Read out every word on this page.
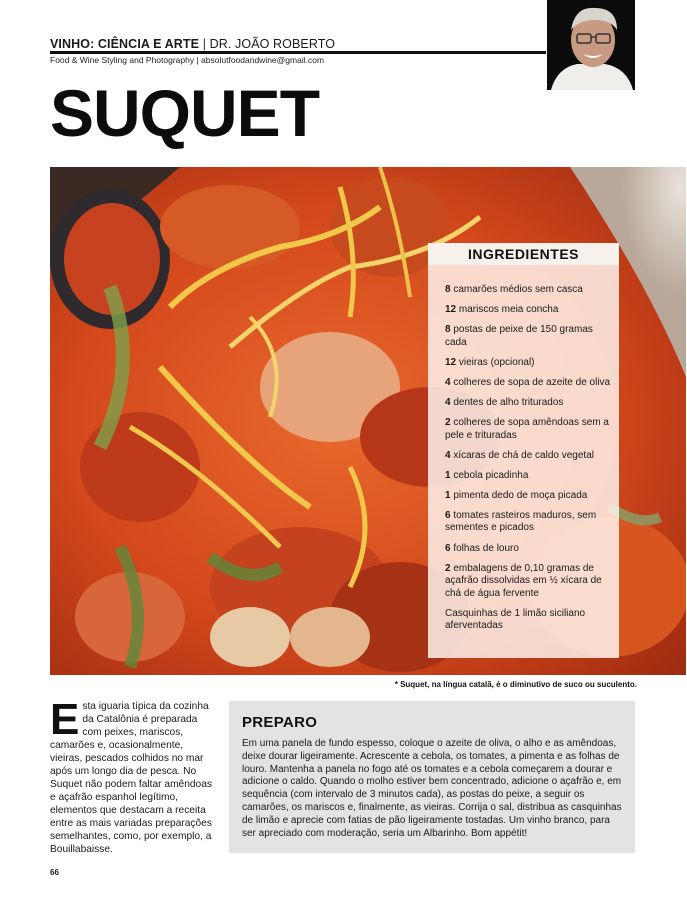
VINHO: CIÊNCIA E ARTE | DR. JOÃO ROBERTO
Food & Wine Styling and Photography | absolutfoodandwine@gmail.com
SUQUET
INGREDIENTES
8 camarões médios sem casca
12 mariscos meia concha
8 postas de peixe de 150 gramas cada
12 vieiras (opcional)
4 colheres de sopa de azeite de oliva
4 dentes de alho triturados
2 colheres de sopa amêndoas sem a pele e trituradas
4 xícaras de chá de caldo vegetal
1 cebola picadinha
1 pimenta dedo de moça picada
6 tomates rasteiros maduros, sem sementes e picados
6 folhas de louro
2 embalagens de 0,10 gramas de açafrão dissolvidas em ½ xícara de chá de água fervente
Casquinhas de 1 limão siciliano aferventadas
* Suquet, na língua catalã, é o diminutivo de suco ou suculento.
Esta iguaria típica da cozinha da Catalônia é preparada com peixes, mariscos, camarões e, ocasionalmente, vieiras, pescados colhidos no mar após um longo dia de pesca. No Suquet não podem faltar amêndoas e açafrão espanhol legítimo, elementos que destacam a receita entre as mais variadas preparações semelhantes, como, por exemplo, a Bouillabaisse.
PREPARO

Em uma panela de fundo espesso, coloque o azeite de oliva, o alho e as amêndoas, deixe dourar ligeiramente. Acrescente a cebola, os tomates, a pimenta e as folhas de louro. Mantenha a panela no fogo até os tomates e a cebola começarem a dourar e adicione o caldo. Quando o molho estiver bem concentrado, adicione o açafrão e, em sequência (com intervalo de 3 minutos cada), as postas do peixe, a seguir os camarões, os mariscos e, finalmente, as vieiras. Corrija o sal, distribua as casquinhas de limão e aprecie com fatias de pão ligeiramente tostadas. Um vinho branco, para ser apreciado com moderação, seria um Albarinho. Bom appétit!

66
